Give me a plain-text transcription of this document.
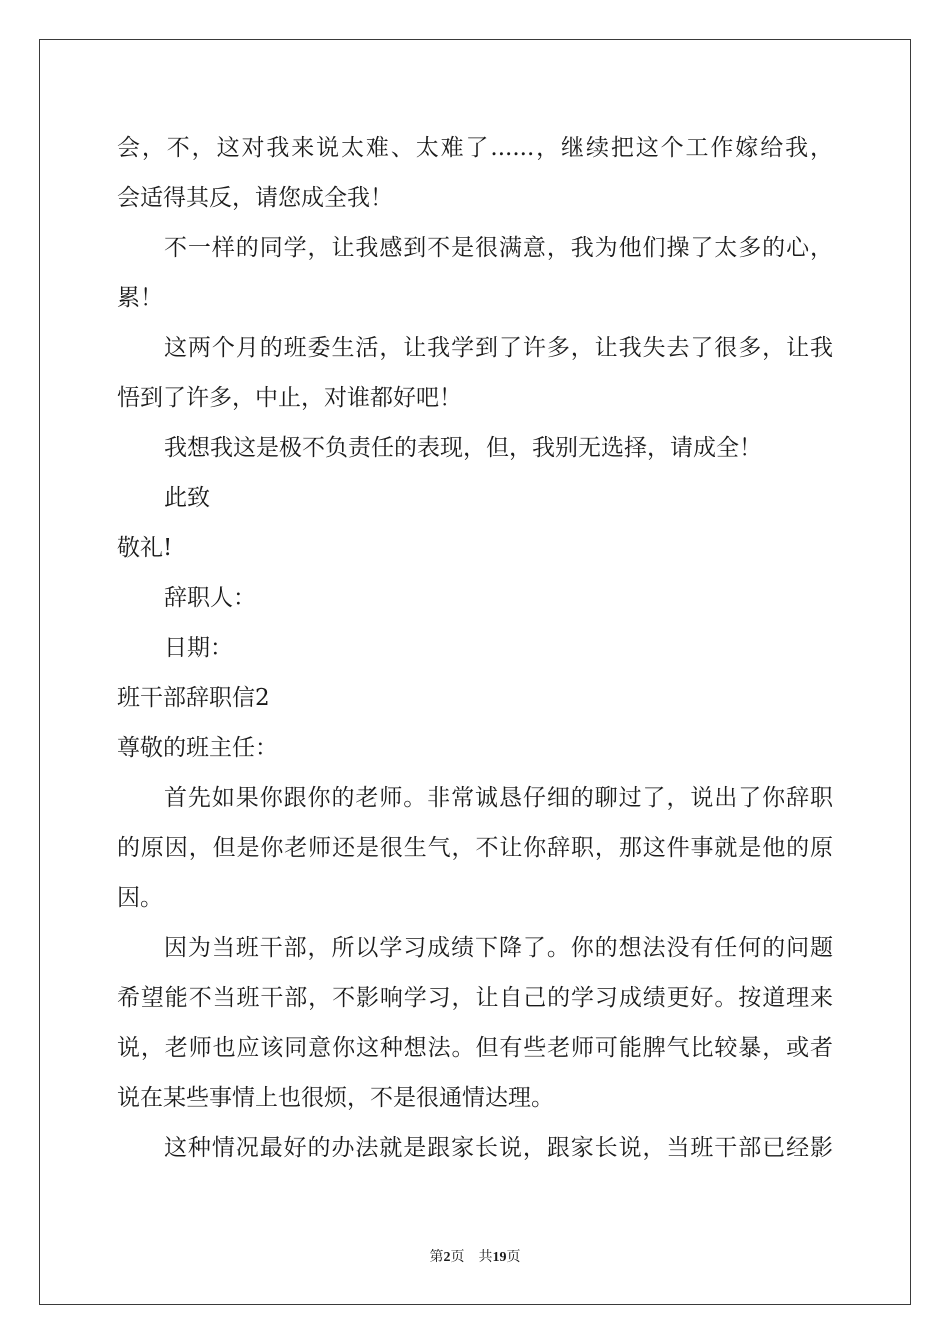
会，不，这对我来说太难、太难了......，继续把这个工作嫁给我，
会适得其反，请您成全我！
不一样的同学，让我感到不是很满意，我为他们操了太多的心，
累！
这两个月的班委生活，让我学到了许多，让我失去了很多，让我
悟到了许多，中止，对谁都好吧！
我想我这是极不负责任的表现，但，我别无选择，请成全！
此致
敬礼!
辞职人：
日期：
班干部辞职信2
尊敬的班主任：
首先如果你跟你的老师。非常诚恳仔细的聊过了，说出了你辞职
的原因，但是你老师还是很生气，不让你辞职，那这件事就是他的原
因。
因为当班干部，所以学习成绩下降了。你的想法没有任何的问题
希望能不当班干部，不影响学习，让自己的学习成绩更好。按道理来
说，老师也应该同意你这种想法。但有些老师可能脾气比较暴，或者
说在某些事情上也很烦，不是很通情达理。
这种情况最好的办法就是跟家长说，跟家长说，当班干部已经影
第2页 共19页
